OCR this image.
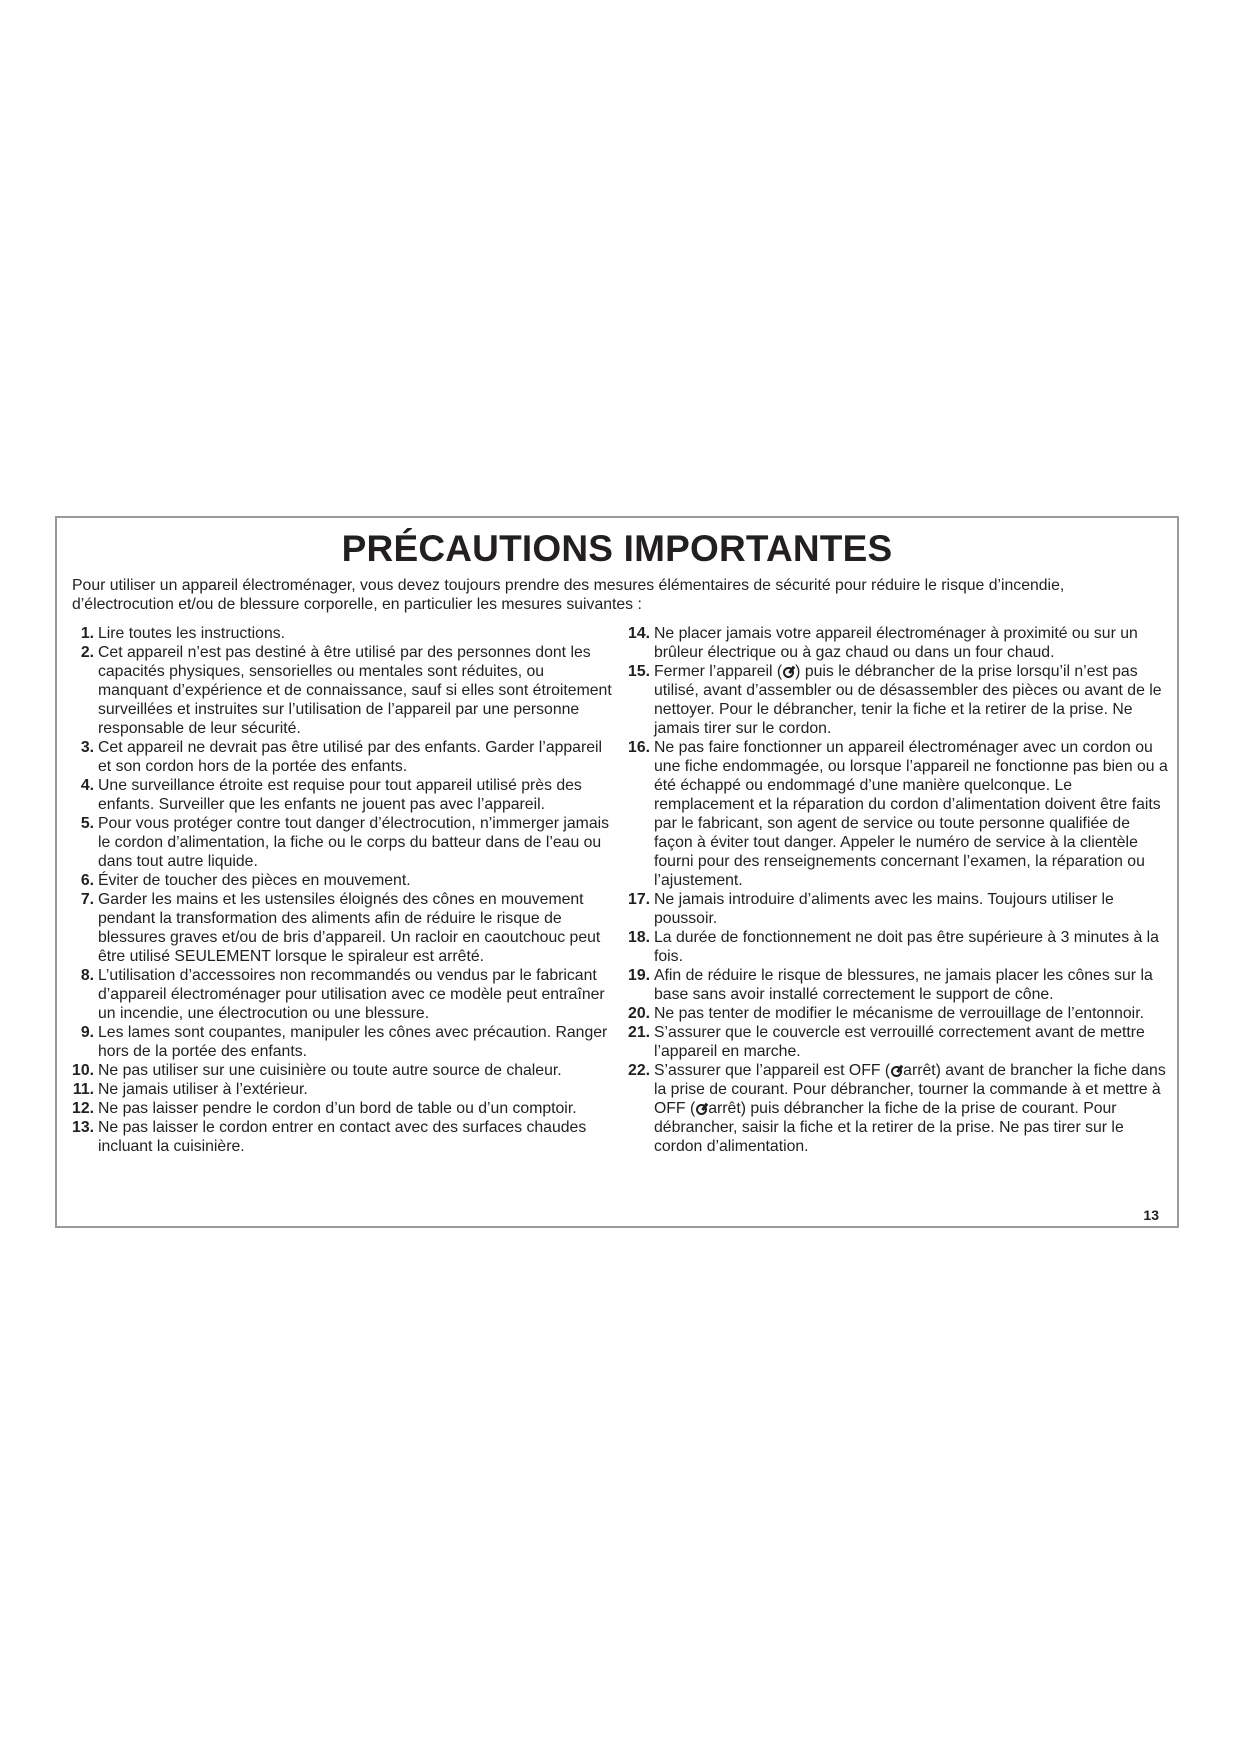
PRÉCAUTIONS IMPORTANTES

Pour utiliser un appareil électroménager, vous devez toujours prendre des mesures élémentaires de sécurité pour réduire le risque d’incendie, d’électrocution et/ou de blessure corporelle, en particulier les mesures suivantes :

1 . Lire toutes les instructions.
2 . Cet appareil n’est pas destiné à être utilisé par des personnes dont les capacités physiques, sensorielles ou mentales sont réduites, ou manquant d’expérience et de connaissance, sauf si elles sont étroitement surveillées et instruites sur l’utilisation de l’appareil par une personne responsable de leur sécurité.
3 . Cet appareil ne devrait pas être utilisé par des enfants. Garder l’appareil et son cordon hors de la portée des enfants.
4 . Une surveillance étroite est requise pour tout appareil utilisé près des enfants. Surveiller que les enfants ne jouent pas avec l’appareil.
5 . Pour vous protéger contre tout danger d’électrocution, n’immerger jamais le cordon d’alimentation, la fiche ou le corps du batteur dans de l’eau ou dans tout autre liquide.
6 . Éviter de toucher des pièces en mouvement.
7 . Garder les mains et les ustensiles éloignés des cônes en mouvement pendant la transformation des aliments afin de réduire le risque de blessures graves et/ou de bris d’appareil. Un racloir en caoutchouc peut être utilisé SEULEMENT lorsque le spiraleur est arrêté.
8 . L’utilisation d’accessoires non recommandés ou vendus par le fabricant d’appareil électroménager pour utilisation avec ce modèle peut entraîner un incendie, une électrocution ou une blessure.
9 . Les lames sont coupantes, manipuler les cônes avec précaution. Ranger hors de la portée des enfants.
10 . Ne pas utiliser sur une cuisinière ou toute autre source de chaleur.
11 . Ne jamais utiliser à l’extérieur.
12 . Ne pas laisser pendre le cordon d’un bord de table ou d’un comptoir.
13 . Ne pas laisser le cordon entrer en contact avec des surfaces chaudes incluant la cuisinière.
14 . Ne placer jamais votre appareil électroménager à proximité ou sur un brûleur électrique ou à gaz chaud ou dans un four chaud.
15 . Fermer l’appareil ( ) puis le débrancher de la prise lorsqu’il n’est pas utilisé, avant d’assembler ou de désassembler des pièces ou avant de le nettoyer. Pour le débrancher, tenir la fiche et la retirer de la prise. Ne jamais tirer sur le cordon.
16 . Ne pas faire fonctionner un appareil électroménager avec un cordon ou une fiche endommagée, ou lorsque l’appareil ne fonctionne pas bien ou a été échappé ou endommagé d’une manière quelconque. Le remplacement et la réparation du cordon d’alimentation doivent être faits par le fabricant, son agent de service ou toute personne qualifiée de façon à éviter tout danger. Appeler le numéro de service à la clientèle fourni pour des renseignements concernant l’examen, la réparation ou l’ajustement.
17 . Ne jamais introduire d’aliments avec les mains. Toujours utiliser le poussoir.
18 . La durée de fonctionnement ne doit pas être supérieure à 3 minutes à la fois.
19 . Afin de réduire le risque de blessures, ne jamais placer les cônes sur la base sans avoir installé correctement le support de cône.
20 . Ne pas tenter de modifier le mécanisme de verrouillage de l’entonnoir.
21 . S’assurer que le couvercle est verrouillé correctement avant de mettre l’appareil en marche.
22 . S’assurer que l’appareil est OFF ( arrêt) avant de brancher la fiche dans la prise de courant. Pour débrancher, tourner la commande à et mettre à OFF ( arrêt) puis débrancher la fiche de la prise de courant. Pour débrancher, saisir la fiche et la retirer de la prise. Ne pas tirer sur le cordon d’alimentation.
13
